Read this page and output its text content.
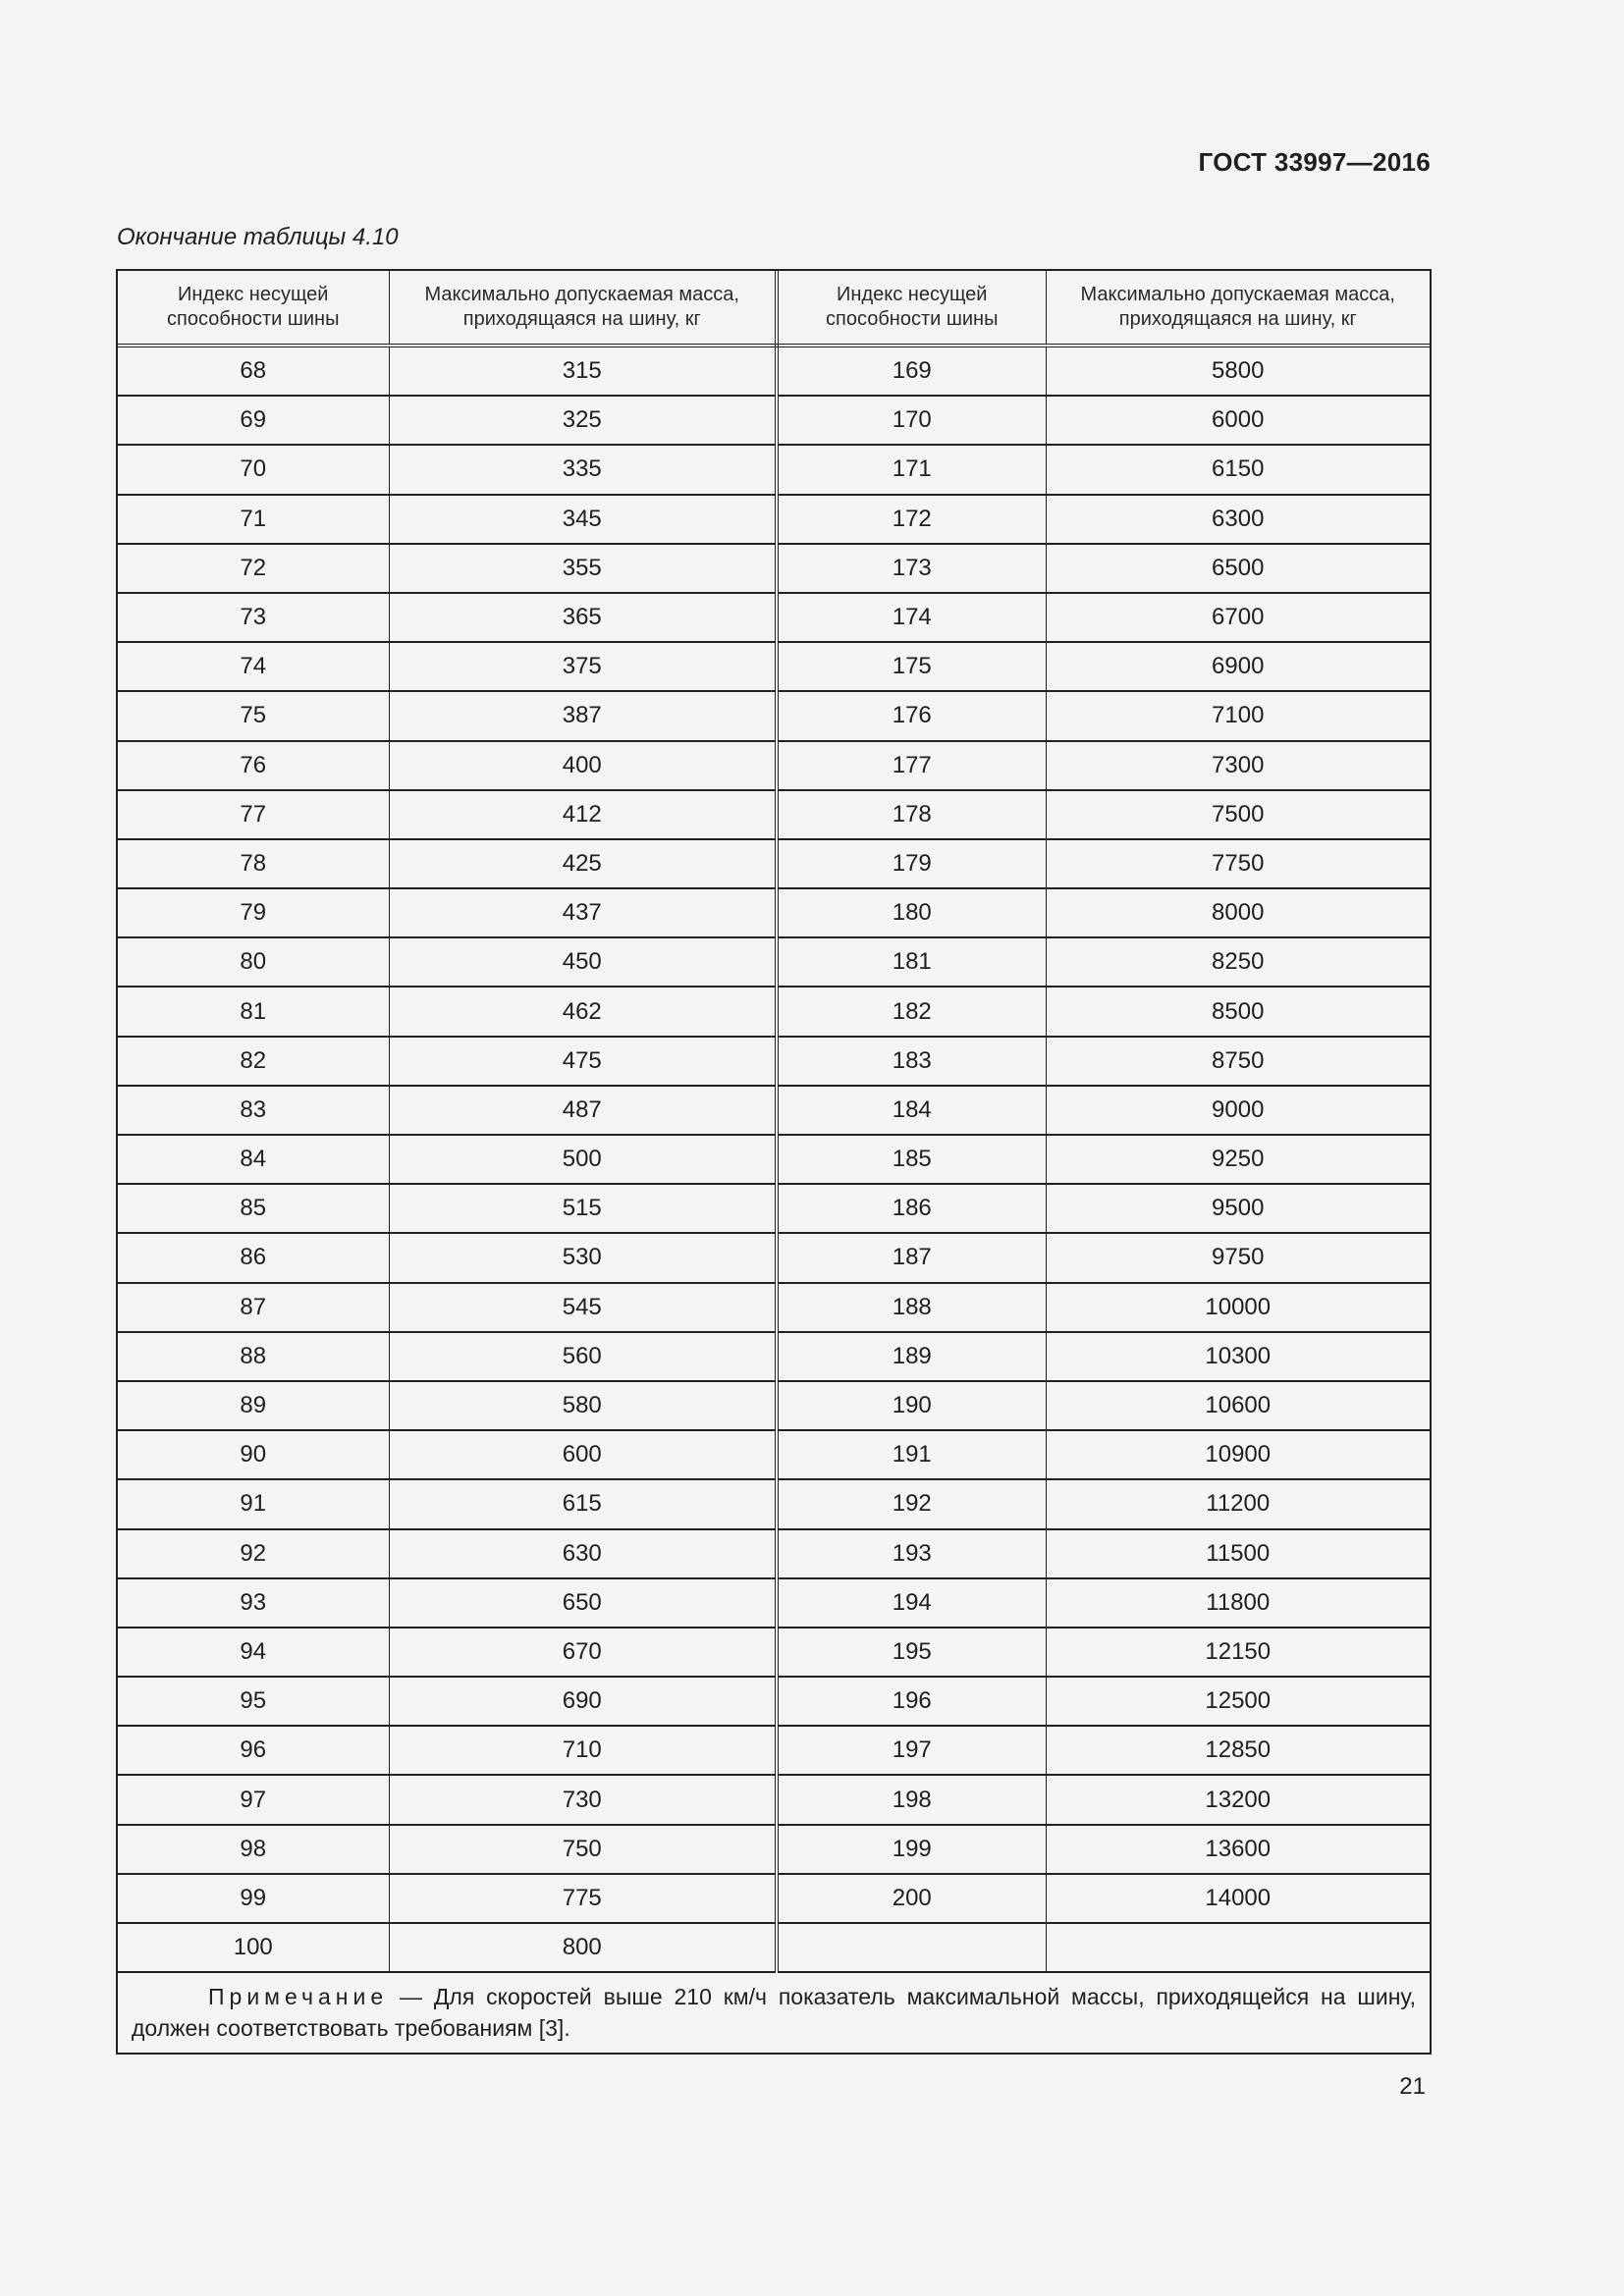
ГОСТ 33997—2016
Окончание таблицы 4.10
Индекс несущей способности шины	Максимально допускаемая масса, приходящаяся на шину, кг	Индекс несущей способности шины	Максимально допускаемая масса, приходящаяся на шину, кг
68	315	169	5800
69	325	170	6000
70	335	171	6150
71	345	172	6300
72	355	173	6500
73	365	174	6700
74	375	175	6900
75	387	176	7100
76	400	177	7300
77	412	178	7500
78	425	179	7750
79	437	180	8000
80	450	181	8250
81	462	182	8500
82	475	183	8750
83	487	184	9000
84	500	185	9250
85	515	186	9500
86	530	187	9750
87	545	188	10000
88	560	189	10300
89	580	190	10600
90	600	191	10900
91	615	192	11200
92	630	193	11500
93	650	194	11800
94	670	195	12150
95	690	196	12500
96	710	197	12850
97	730	198	13200
98	750	199	13600
99	775	200	14000
100	800		
Примечание — Для скоростей выше 210 км/ч показатель максимальной массы, приходящейся на шину, должен соответствовать требованиям [3].			
21
